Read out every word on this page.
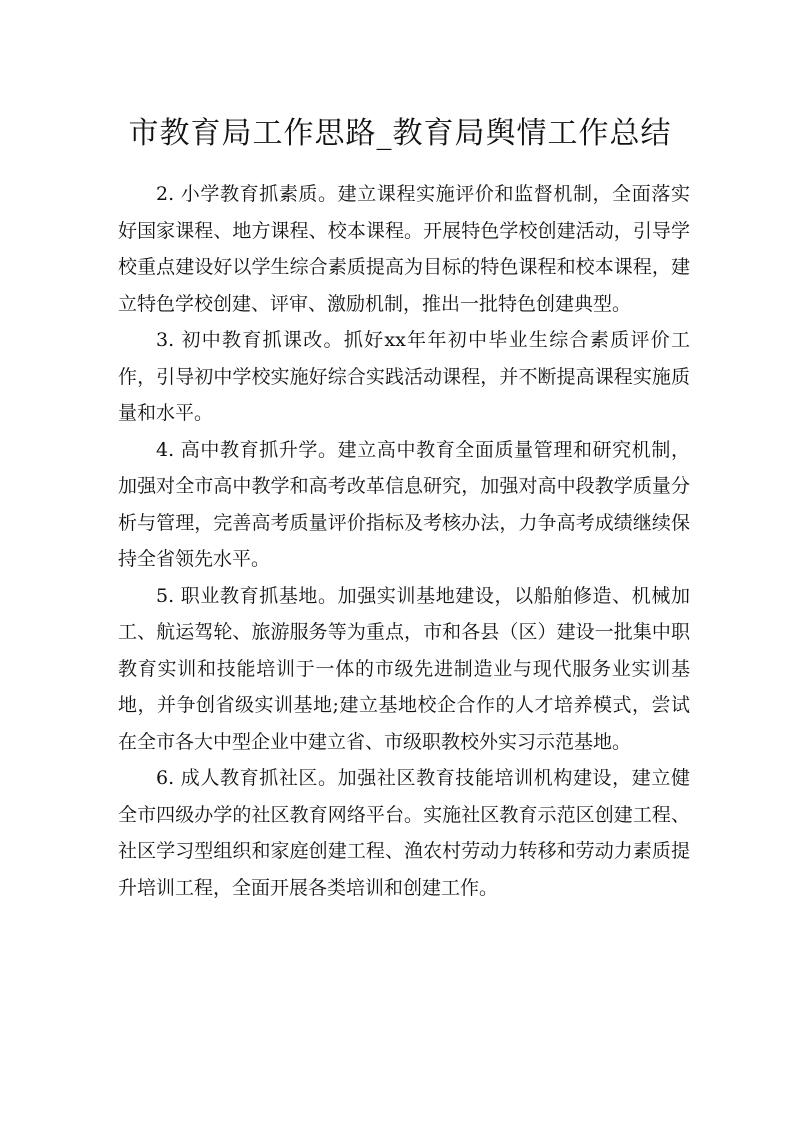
市教育局工作思路_教育局舆情工作总结

2. 小学教育抓素质。建立课程实施评价和监督机制，全面落实好国家课程、地方课程、校本课程。开展特色学校创建活动，引导学校重点建设好以学生综合素质提高为目标的特色课程和校本课程，建立特色学校创建、评审、激励机制，推出一批特色创建典型。

3. 初中教育抓课改。抓好xx年年初中毕业生综合素质评价工作，引导初中学校实施好综合实践活动课程，并不断提高课程实施质量和水平。

4. 高中教育抓升学。建立高中教育全面质量管理和研究机制，加强对全市高中教学和高考改革信息研究，加强对高中段教学质量分析与管理，完善高考质量评价指标及考核办法，力争高考成绩继续保持全省领先水平。

5. 职业教育抓基地。加强实训基地建设，以船舶修造、机械加工、航运驾轮、旅游服务等为重点，市和各县（区）建设一批集中职教育实训和技能培训于一体的市级先进制造业与现代服务业实训基地，并争创省级实训基地;建立基地校企合作的人才培养模式，尝试在全市各大中型企业中建立省、市级职教校外实习示范基地。

6. 成人教育抓社区。加强社区教育技能培训机构建设，建立健全市四级办学的社区教育网络平台。实施社区教育示范区创建工程、社区学习型组织和家庭创建工程、渔农村劳动力转移和劳动力素质提升培训工程，全面开展各类培训和创建工作。
